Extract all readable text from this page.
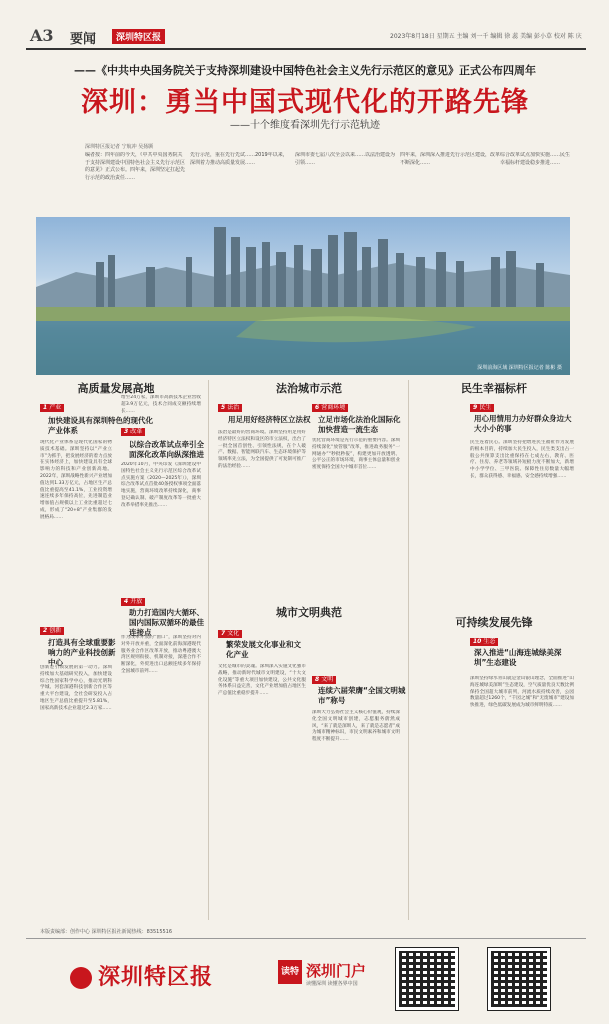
A3 要闻	深圳特区报	2023年8月18日 星期五 主编 刘一千 编辑 徐 蕊 美编 彭小草 校对 陈 庆
——《中共中央国务院关于支持深圳建设中国特色社会主义先行示范区的意见》正式公布四周年
深圳：勇当中国式现代化的开路先锋
——十个维度看深圳先行示范轨迹
深圳特区报记者 宁航冲 吴扬颢
编者按：四年前的今天，《中共中央国务院关于支持深圳建设中国特色社会主义先行示范区的意见》正式公布。四年来，深圳坚定扛起先行示范的政治责任……
先行示范，重在先行先试……2019年以来，深圳着力推动高质量发展……
深圳市委七届八次全会以来……以法治建设为引领……
四年来，深圳深入推进先行示范区建设，改革不断深化……
综合改革试点加快实施……民生幸福标杆建设稳步推进……
深圳前海区域 深圳特区报记者 陈彬 摄
高质量发展高地
1 产业
加快建设具有深圳特色的现代化产业体系
现代化产业体系是现代化国家的物质技术基础。深圳坚持以“产业立市”为抓手，把发展经济的着力点放在实体经济上，加快建设具有全球影响力的科技和产业创新高地。2022年，深圳战略性新兴产业增加值达到1.33万亿元，占地区生产总值比重提高至41.1%，工业投资增速连续多年保持高位，先进制造业增加值占规模以上工业比重超过七成，形成了“20+8”产业集群的发展格局……
2 创新
打造具有全球重要影响力的产业科技创新中心
创新是引领发展的第一动力。深圳持续加大基础研究投入，加快建设综合性国家科学中心，推动光明科学城、河套深港科技创新合作区等重大平台建设，全社会研发投入占地区生产总值比重提升至5.81%，国家高新技术企业超过2.3万家……
增至24万家，深圳市高新技术企业营收超3.9万亿元，技术合同成交额持续增长……
3 改革
以综合改革试点牵引全面深化改革向纵深推进
2020年10月，中央印发《深圳建设中国特色社会主义先行示范区综合改革试点实施方案（2020—2025年）》，深圳综合改革试点首批40条授权事项全面落地实施，营商环境改革持续深化，商事登记确认制、破产制度改革等一批重大改革举措率先推出……
4 开放
助力打造国内大循环、国内国际双循环的最佳连接点
作为改革开放的“窗口”，深圳坚持对内对外开放并重，全面深化前海深港现代服务业合作区改革开放，推动粤港澳大湾区规则衔接、机制对接，深港合作不断深化，外贸进出口总额连续多年保持全国城市前列……
法治城市示范
5 法治
用足用好经济特区立法权
法治是最好的营商环境。深圳坚持用足用好经济特区立法权和设区的市立法权，出台了一批全国首创性、引领性法规，在个人破产、数据、智能网联汽车、生态环境保护等领域率先立法，为全国提供了可复制可推广的法治经验……
6 营商环境
立足市场化法治化国际化加快营造一流生态
优化营商环境是先行示范的重要内容。深圳持续深化“放管服”改革，推进政务服务“一网通办”“秒批秒报”，构建更加开放透明、公平公正的市场环境，商事主体总量和创业密度保持全国大中城市首位……
城市文明典范
7 文化
繁荣发展文化事业和文化产业
文化是城市的灵魂。深圳深入实施文化强市战略，推动新时代城市文明建设，“十大文化设施”等重大项目加快建设，公共文化服务体系日益完善，文化产业增加值占地区生产总值比重稳步提升……
8 文明
连续六届荣膺“全国文明城市”称号
深圳大力弘扬社会主义核心价值观，持续深化全国文明城市创建，志愿服务蔚然成风，“来了就是深圳人，来了就是志愿者”成为城市精神标识，市民文明素养和城市文明程度不断提升……
民生幸福标杆
9 民生
用心用情用力办好群众身边大大小小的事
民生连着民心。深圳坚持把增进民生福祉作为发展的根本目的，持续加大民生投入，民生类支出占一般公共预算支出比重保持在七成左右，教育、医疗、住房、养老等领域补短板力度不断加大，新增中小学学位、三甲医院、保障性住房数量大幅增长，群众获得感、幸福感、安全感持续增强……
可持续发展先锋
10 生态
深入推进“山海连城绿美深圳”生态建设
深圳坚持绿水青山就是金山银山理念，全面推进“山海连城绿美深圳”生态建设，空气质量优良天数比例保持全国超大城市前列，河流水质持续改善，公园数量超过1260个，“千园之城”和“无废城市”建设加快推进，绿色低碳发展成为城市鲜明特质……
本版责编部：创作中心 深圳特区报社新闻热线：83515516
深圳特区报	读特 深圳门户
读懂深圳 读懂各界中国
